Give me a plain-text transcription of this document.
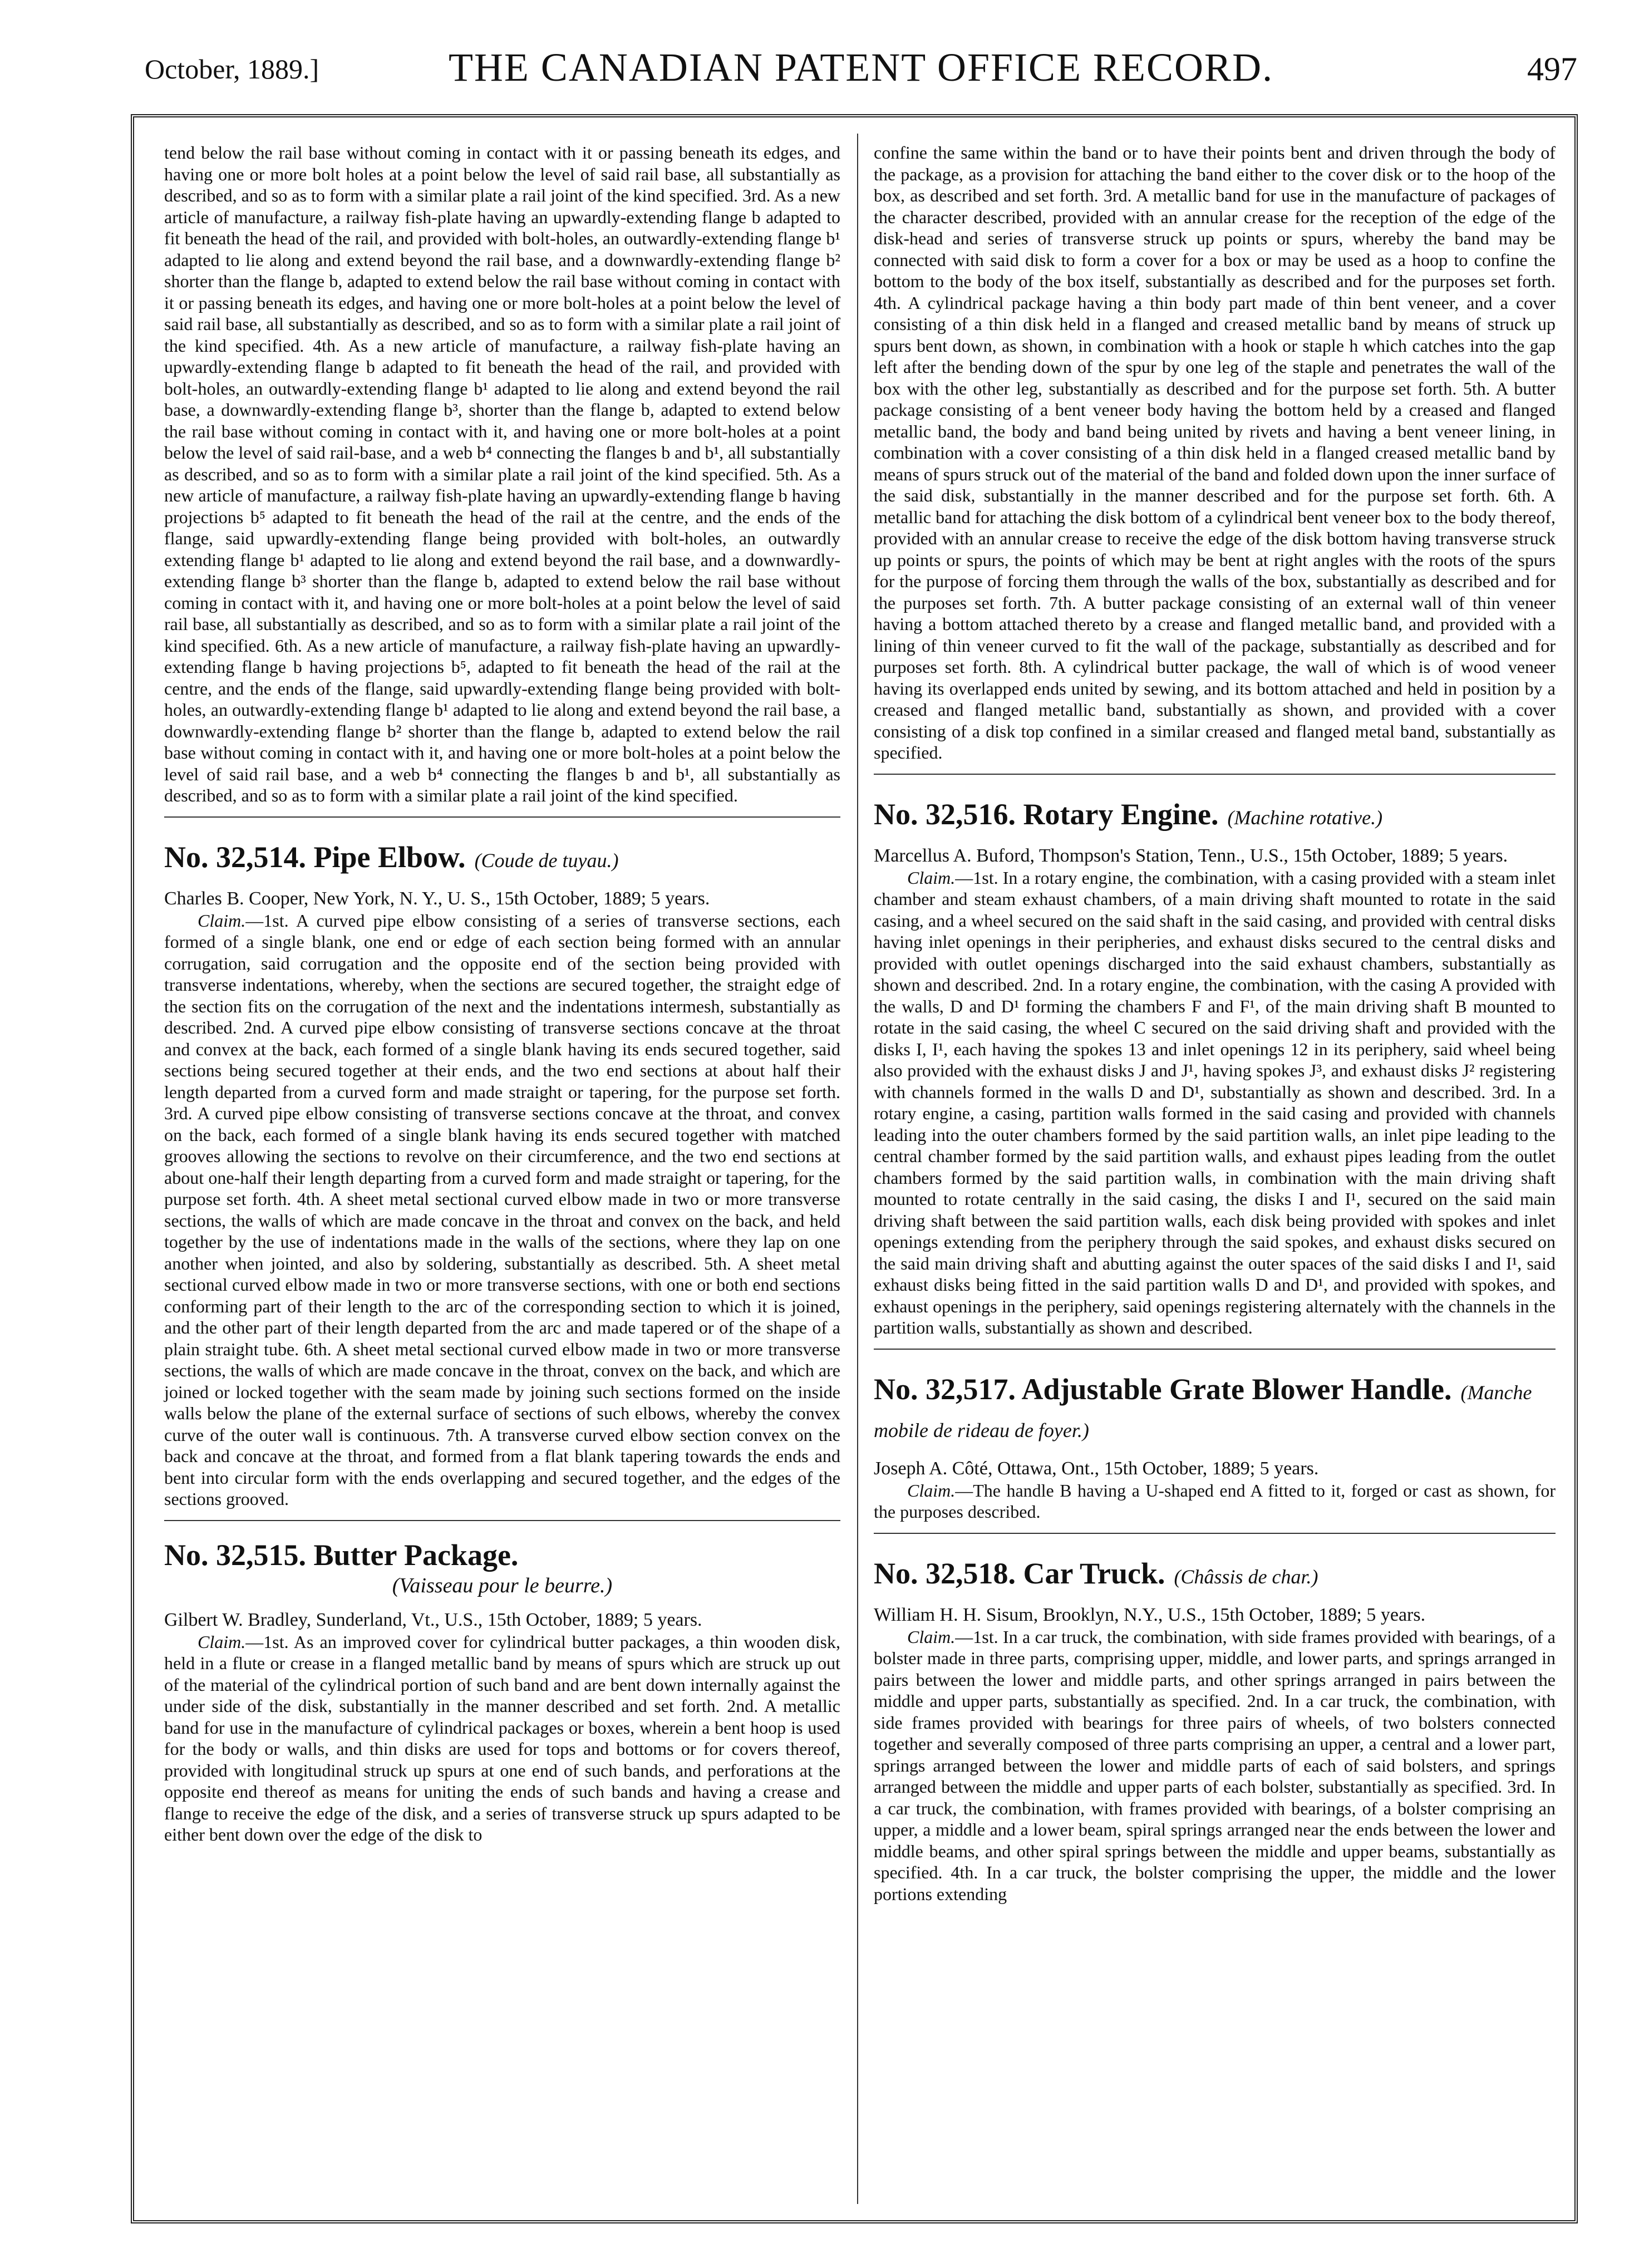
October, 1889.]	THE CANADIAN PATENT OFFICE RECORD.	497

tend below the rail base without coming in contact with it or passing beneath its edges, and having one or more bolt holes at a point below the level of said rail base, all substantially as described, and so as to form with a similar plate a rail joint of the kind specified. 3rd. As a new article of manufacture, a railway fish-plate having an upwardly-extending flange b adapted to fit beneath the head of the rail, and provided with bolt-holes, an outwardly-extending flange b¹ adapted to lie along and extend beyond the rail base, and a downwardly-extending flange b² shorter than the flange b, adapted to extend below the rail base without coming in contact with it or passing beneath its edges, and having one or more bolt-holes at a point below the level of said rail base, all substantially as described, and so as to form with a similar plate a rail joint of the kind specified. 4th. As a new article of manufacture, a railway fish-plate having an upwardly-extending flange b adapted to fit beneath the head of the rail, and provided with bolt-holes, an outwardly-extending flange b¹ adapted to lie along and extend beyond the rail base, a downwardly-extending flange b³, shorter than the flange b, adapted to extend below the rail base without coming in contact with it, and having one or more bolt-holes at a point below the level of said rail-base, and a web b⁴ connecting the flanges b and b¹, all substantially as described, and so as to form with a similar plate a rail joint of the kind specified. 5th. As a new article of manufacture, a railway fish-plate having an upwardly-extending flange b having projections b⁵ adapted to fit beneath the head of the rail at the centre, and the ends of the flange, said upwardly-extending flange being provided with bolt-holes, an outwardly extending flange b¹ adapted to lie along and extend beyond the rail base, and a downwardly-extending flange b³ shorter than the flange b, adapted to extend below the rail base without coming in contact with it, and having one or more bolt-holes at a point below the level of said rail base, all substantially as described, and so as to form with a similar plate a rail joint of the kind specified. 6th. As a new article of manufacture, a railway fish-plate having an upwardly-extending flange b having projections b⁵, adapted to fit beneath the head of the rail at the centre, and the ends of the flange, said upwardly-extending flange being provided with bolt-holes, an outwardly-extending flange b¹ adapted to lie along and extend beyond the rail base, a downwardly-extending flange b² shorter than the flange b, adapted to extend below the rail base without coming in contact with it, and having one or more bolt-holes at a point below the level of said rail base, and a web b⁴ connecting the flanges b and b¹, all substantially as described, and so as to form with a similar plate a rail joint of the kind specified.

No. 32,514. Pipe Elbow. (Coude de tuyau.)

Charles B. Cooper, New York, N. Y., U. S., 15th October, 1889; 5 years.

Claim.—1st. A curved pipe elbow consisting of a series of transverse sections, each formed of a single blank, one end or edge of each section being formed with an annular corrugation, said corrugation and the opposite end of the section being provided with transverse indentations, whereby, when the sections are secured together, the straight edge of the section fits on the corrugation of the next and the indentations intermesh, substantially as described. 2nd. A curved pipe elbow consisting of transverse sections concave at the throat and convex at the back, each formed of a single blank having its ends secured together, said sections being secured together at their ends, and the two end sections at about half their length departed from a curved form and made straight or tapering, for the purpose set forth. 3rd. A curved pipe elbow consisting of transverse sections concave at the throat, and convex on the back, each formed of a single blank having its ends secured together with matched grooves allowing the sections to revolve on their circumference, and the two end sections at about one-half their length departing from a curved form and made straight or tapering, for the purpose set forth. 4th. A sheet metal sectional curved elbow made in two or more transverse sections, the walls of which are made concave in the throat and convex on the back, and held together by the use of indentations made in the walls of the sections, where they lap on one another when jointed, and also by soldering, substantially as described. 5th. A sheet metal sectional curved elbow made in two or more transverse sections, with one or both end sections conforming part of their length to the arc of the corresponding section to which it is joined, and the other part of their length departed from the arc and made tapered or of the shape of a plain straight tube. 6th. A sheet metal sectional curved elbow made in two or more transverse sections, the walls of which are made concave in the throat, convex on the back, and which are joined or locked together with the seam made by joining such sections formed on the inside walls below the plane of the external surface of sections of such elbows, whereby the convex curve of the outer wall is continuous. 7th. A transverse curved elbow section convex on the back and concave at the throat, and formed from a flat blank tapering towards the ends and bent into circular form with the ends overlapping and secured together, and the edges of the sections grooved.

No. 32,515. Butter Package.
(Vaisseau pour le beurre.)

Gilbert W. Bradley, Sunderland, Vt., U.S., 15th October, 1889; 5 years.

Claim.—1st. As an improved cover for cylindrical butter packages, a thin wooden disk, held in a flute or crease in a flanged metallic band by means of spurs which are struck up out of the material of the cylindrical portion of such band and are bent down internally against the under side of the disk, substantially in the manner described and set forth. 2nd. A metallic band for use in the manufacture of cylindrical packages or boxes, wherein a bent hoop is used for the body or walls, and thin disks are used for tops and bottoms or for covers thereof, provided with longitudinal struck up spurs at one end of such bands, and perforations at the opposite end thereof as means for uniting the ends of such bands and having a crease and flange to receive the edge of the disk, and a series of transverse struck up spurs adapted to be either bent down over the edge of the disk to

confine the same within the band or to have their points bent and driven through the body of the package, as a provision for attaching the band either to the cover disk or to the hoop of the box, as described and set forth. 3rd. A metallic band for use in the manufacture of packages of the character described, provided with an annular crease for the reception of the edge of the disk-head and series of transverse struck up points or spurs, whereby the band may be connected with said disk to form a cover for a box or may be used as a hoop to confine the bottom to the body of the box itself, substantially as described and for the purposes set forth. 4th. A cylindrical package having a thin body part made of thin bent veneer, and a cover consisting of a thin disk held in a flanged and creased metallic band by means of struck up spurs bent down, as shown, in combination with a hook or staple h which catches into the gap left after the bending down of the spur by one leg of the staple and penetrates the wall of the box with the other leg, substantially as described and for the purpose set forth. 5th. A butter package consisting of a bent veneer body having the bottom held by a creased and flanged metallic band, the body and band being united by rivets and having a bent veneer lining, in combination with a cover consisting of a thin disk held in a flanged creased metallic band by means of spurs struck out of the material of the band and folded down upon the inner surface of the said disk, substantially in the manner described and for the purpose set forth. 6th. A metallic band for attaching the disk bottom of a cylindrical bent veneer box to the body thereof, provided with an annular crease to receive the edge of the disk bottom having transverse struck up points or spurs, the points of which may be bent at right angles with the roots of the spurs for the purpose of forcing them through the walls of the box, substantially as described and for the purposes set forth. 7th. A butter package consisting of an external wall of thin veneer having a bottom attached thereto by a crease and flanged metallic band, and provided with a lining of thin veneer curved to fit the wall of the package, substantially as described and for purposes set forth. 8th. A cylindrical butter package, the wall of which is of wood veneer having its overlapped ends united by sewing, and its bottom attached and held in position by a creased and flanged metallic band, substantially as shown, and provided with a cover consisting of a disk top confined in a similar creased and flanged metal band, substantially as specified.

No. 32,516. Rotary Engine. (Machine rotative.)

Marcellus A. Buford, Thompson's Station, Tenn., U.S., 15th October, 1889; 5 years.

Claim.—1st. In a rotary engine, the combination, with a casing provided with a steam inlet chamber and steam exhaust chambers, of a main driving shaft mounted to rotate in the said casing, and a wheel secured on the said shaft in the said casing, and provided with central disks having inlet openings in their peripheries, and exhaust disks secured to the central disks and provided with outlet openings discharged into the said exhaust chambers, substantially as shown and described. 2nd. In a rotary engine, the combination, with the casing A provided with the walls, D and D¹ forming the chambers F and F¹, of the main driving shaft B mounted to rotate in the said casing, the wheel C secured on the said driving shaft and provided with the disks I, I¹, each having the spokes 13 and inlet openings 12 in its periphery, said wheel being also provided with the exhaust disks J and J¹, having spokes J³, and exhaust disks J² registering with channels formed in the walls D and D¹, substantially as shown and described. 3rd. In a rotary engine, a casing, partition walls formed in the said casing and provided with channels leading into the outer chambers formed by the said partition walls, an inlet pipe leading to the central chamber formed by the said partition walls, and exhaust pipes leading from the outlet chambers formed by the said partition walls, in combination with the main driving shaft mounted to rotate centrally in the said casing, the disks I and I¹, secured on the said main driving shaft between the said partition walls, each disk being provided with spokes and inlet openings extending from the periphery through the said spokes, and exhaust disks secured on the said main driving shaft and abutting against the outer spaces of the said disks I and I¹, said exhaust disks being fitted in the said partition walls D and D¹, and provided with spokes, and exhaust openings in the periphery, said openings registering alternately with the channels in the partition walls, substantially as shown and described.

No. 32,517. Adjustable Grate Blower Handle. (Manche mobile de rideau de foyer.)

Joseph A. Côté, Ottawa, Ont., 15th October, 1889; 5 years.

Claim.—The handle B having a U-shaped end A fitted to it, forged or cast as shown, for the purposes described.

No. 32,518. Car Truck. (Châssis de char.)

William H. H. Sisum, Brooklyn, N.Y., U.S., 15th October, 1889; 5 years.

Claim.—1st. In a car truck, the combination, with side frames provided with bearings, of a bolster made in three parts, comprising upper, middle, and lower parts, and springs arranged in pairs between the lower and middle parts, and other springs arranged in pairs between the middle and upper parts, substantially as specified. 2nd. In a car truck, the combination, with side frames provided with bearings for three pairs of wheels, of two bolsters connected together and severally composed of three parts comprising an upper, a central and a lower part, springs arranged between the lower and middle parts of each of said bolsters, and springs arranged between the middle and upper parts of each bolster, substantially as specified. 3rd. In a car truck, the combination, with frames provided with bearings, of a bolster comprising an upper, a middle and a lower beam, spiral springs arranged near the ends between the lower and middle beams, and other spiral springs between the middle and upper beams, substantially as specified. 4th. In a car truck, the bolster comprising the upper, the middle and the lower portions extending
